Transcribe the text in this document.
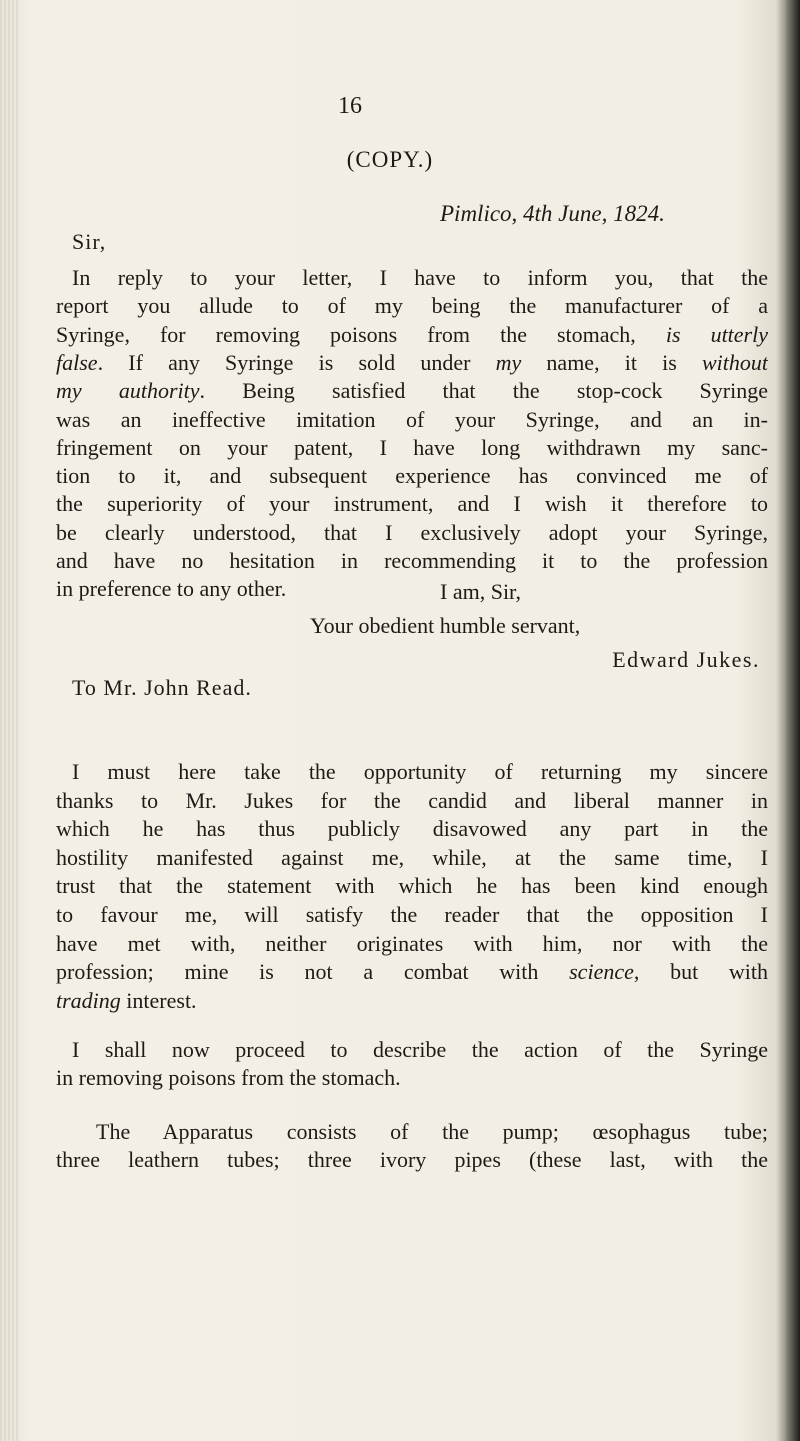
16
(COPY.)
Pimlico, 4th June, 1824.
Sir,
In reply to your letter, I have to inform you, that the
report you allude to of my being the manufacturer of a
Syringe, for removing poisons from the stomach, is utterly
false. If any Syringe is sold under my name, it is without
my authority. Being satisfied that the stop-cock Syringe
was an ineffective imitation of your Syringe, and an in-
fringement on your patent, I have long withdrawn my sanc-
tion to it, and subsequent experience has convinced me of
the superiority of your instrument, and I wish it therefore to
be clearly understood, that I exclusively adopt your Syringe,
and have no hesitation in recommending it to the profession
in preference to any other.	I am, Sir,
Your obedient humble servant,
Edward Jukes.
To Mr. John Read.
I must here take the opportunity of returning my sincere
thanks to Mr. Jukes for the candid and liberal manner in
which he has thus publicly disavowed any part in the
hostility manifested against me, while, at the same time, I
trust that the statement with which he has been kind enough
to favour me, will satisfy the reader that the opposition I
have met with, neither originates with him, nor with the
profession; mine is not a combat with science, but with
trading interest.
I shall now proceed to describe the action of the Syringe
in removing poisons from the stomach.
The Apparatus consists of the pump; œsophagus tube;
three leathern tubes; three ivory pipes (these last, with the
